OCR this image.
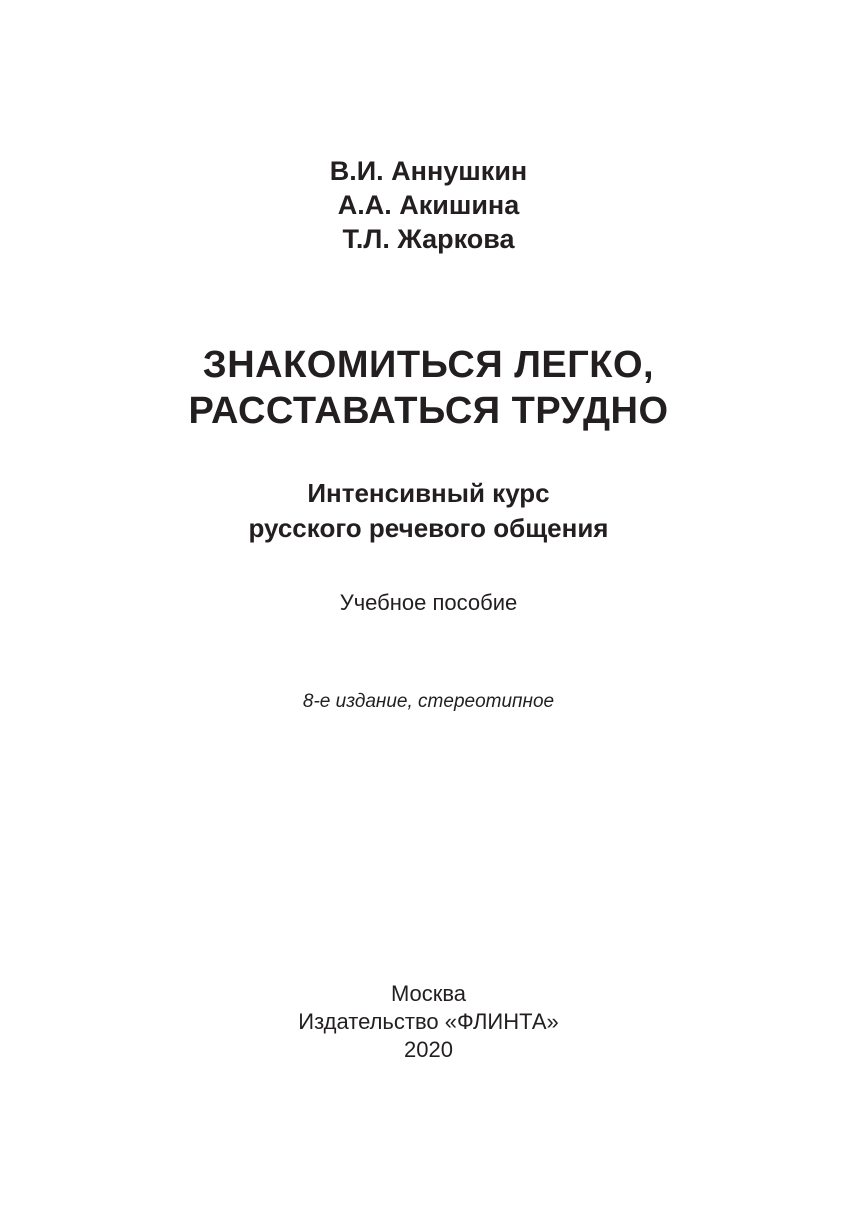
В.И. Аннушкин
А.А. Акишина
Т.Л. Жаркова
ЗНАКОМИТЬСЯ ЛЕГКО,
РАССТАВАТЬСЯ ТРУДНО
Интенсивный курс
русского речевого общения
Учебное пособие
8-е издание, стереотипное
Москва
Издательство «ФЛИНТА»
2020
